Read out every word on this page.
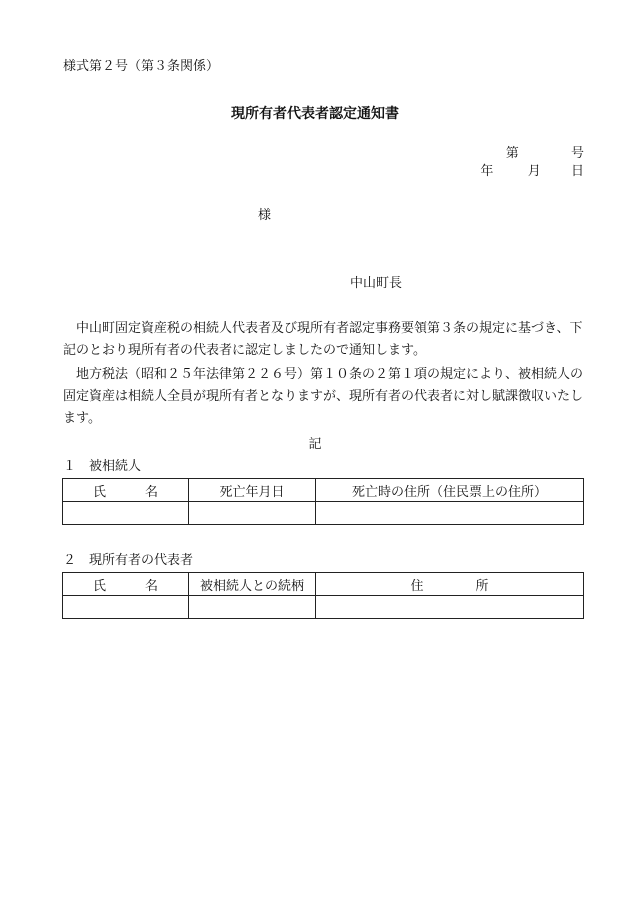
様式第２号（第３条関係）
現所有者代表者認定通知書
第	号
年	月 日
様
中山町長
　中山町固定資産税の相続人代表者及び現所有者認定事務要領第３条の規定に基づき、下記のとおり現所有者の代表者に認定しましたので通知します。
　地方税法（昭和２５年法律第２２６号）第１０条の２第１項の規定により、被相続人の固定資産は相続人全員が現所有者となりますが、現所有者の代表者に対し賦課徴収いたします。
記
１　被相続人
氏　　　名	死亡年月日	死亡時の住所（住民票上の住所）

２　現所有者の代表者
氏　　　名	被相続人との続柄	住　　　　所
